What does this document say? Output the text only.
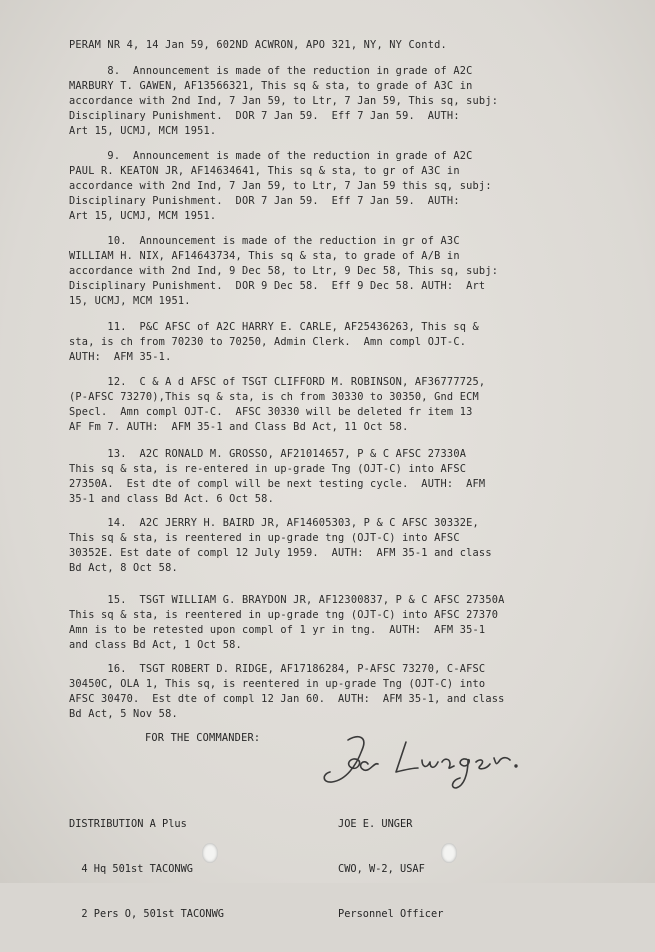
PERAM NR 4, 14 Jan 59, 602ND ACWRON, APO 321, NY, NY Contd.

8.  Announcement is made of the reduction in grade of A2C

MARBURY T. GAWEN, AF13566321, This sq & sta, to grade of A3C in

accordance with 2nd Ind, 7 Jan 59, to Ltr, 7 Jan 59, This sq, subj:

Disciplinary Punishment.  DOR 7 Jan 59.  Eff 7 Jan 59.  AUTH:

Art 15, UCMJ, MCM 1951.

9.  Announcement is made of the reduction in grade of A2C

PAUL R. KEATON JR, AF14634641, This sq & sta, to gr of A3C in

accordance with 2nd Ind, 7 Jan 59, to Ltr, 7 Jan 59 this sq, subj:

Disciplinary Punishment.  DOR 7 Jan 59.  Eff 7 Jan 59.  AUTH:

Art 15, UCMJ, MCM 1951.

10.  Announcement is made of the reduction in gr of A3C

WILLIAM H. NIX, AF14643734, This sq & sta, to grade of A/B in

accordance with 2nd Ind, 9 Dec 58, to Ltr, 9 Dec 58, This sq, subj:

Disciplinary Punishment.  DOR 9 Dec 58.  Eff 9 Dec 58. AUTH:  Art

15, UCMJ, MCM 1951.

11.  P&C AFSC of A2C HARRY E. CARLE, AF25436263, This sq &

sta, is ch from 70230 to 70250, Admin Clerk.  Amn compl OJT-C.

AUTH:  AFM 35-1.

12.  C & A d AFSC of TSGT CLIFFORD M. ROBINSON, AF36777725,

(P-AFSC 73270),This sq & sta, is ch from 30330 to 30350, Gnd ECM

Specl.  Amn compl OJT-C.  AFSC 30330 will be deleted fr item 13

AF Fm 7. AUTH:  AFM 35-1 and Class Bd Act, 11 Oct 58.

13.  A2C RONALD M. GROSSO, AF21014657, P & C AFSC 27330A

This sq & sta, is re-entered in up-grade Tng (OJT-C) into AFSC

27350A.  Est dte of compl will be next testing cycle.  AUTH:  AFM

35-1 and class Bd Act. 6 Oct 58.

14.  A2C JERRY H. BAIRD JR, AF14605303, P & C AFSC 30332E,

This sq & sta, is reentered in up-grade tng (OJT-C) into AFSC

30352E. Est date of compl 12 July 1959.  AUTH:  AFM 35-1 and class

Bd Act, 8 Oct 58.

15.  TSGT WILLIAM G. BRAYDON JR, AF12300837, P & C AFSC 27350A

This sq & sta, is reentered in up-grade tng (OJT-C) into AFSC 27370

Amn is to be retested upon compl of 1 yr in tng.  AUTH:  AFM 35-1

and class Bd Act, 1 Oct 58.

16.  TSGT ROBERT D. RIDGE, AF17186284, P-AFSC 73270, C-AFSC

30450C, OLA 1, This sq, is reentered in up-grade Tng (OJT-C) into

AFSC 30470.  Est dte of compl 12 Jan 60.  AUTH:  AFM 35-1, and class

Bd Act, 5 Nov 58.

FOR THE COMMANDER:

DISTRIBUTION A Plus

4 Hq 501st TACONWG

2 Pers O, 501st TACONWG

JOE E. UNGER

CWO, W-2, USAF

Personnel Officer
